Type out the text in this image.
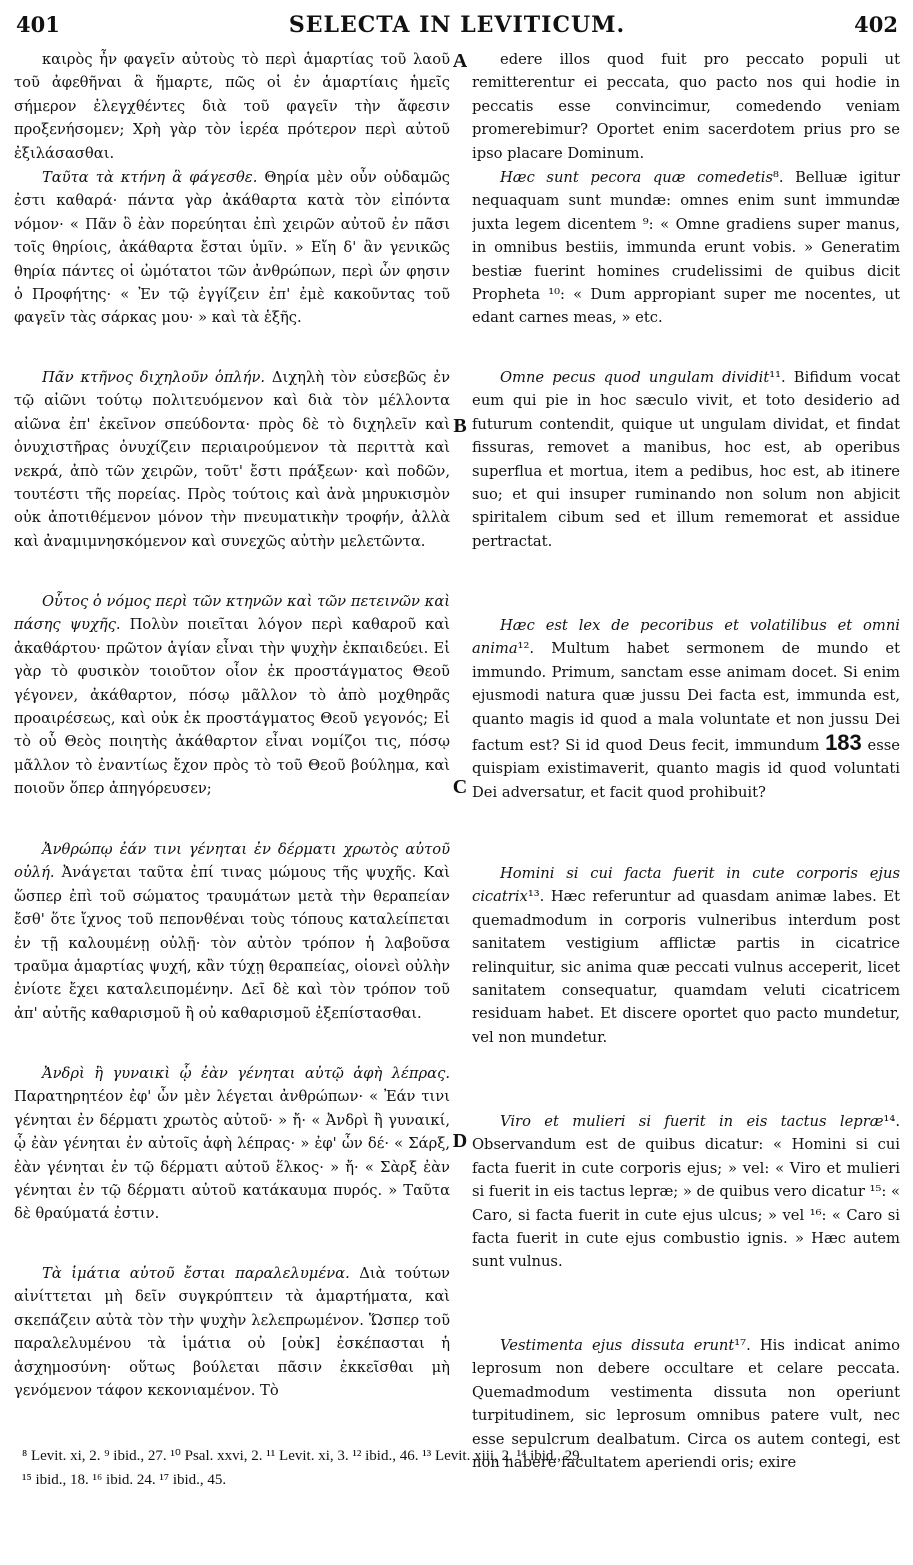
401	SELECTA IN LEVITICUM.	402

καιρὸς ἦν φαγεῖν αὐτοὺς τὸ περὶ ἁμαρτίας τοῦ λαοῦ τοῦ ἀφεθῆναι ἃ ἥμαρτε, πῶς οἱ ἐν ἁμαρτίαις ἡμεῖς σήμερον ἐλεγχθέντες διὰ τοῦ φαγεῖν τὴν ἄφεσιν προξενήσομεν; Χρὴ γὰρ τὸν ἱερέα πρότερον περὶ αὐτοῦ ἐξιλάσασθαι.

Ταῦτα τὰ κτήνη ἃ φάγεσθε. Θηρία μὲν οὖν οὐδαμῶς ἐστι καθαρά· πάντα γὰρ ἀκάθαρτα κατὰ τὸν εἰπόντα νόμον· « Πᾶν ὃ ἐὰν πορεύηται ἐπὶ χειρῶν αὐτοῦ ἐν πᾶσι τοῖς θηρίοις, ἀκάθαρτα ἔσται ὑμῖν. » Εἴη δ' ἂν γενικῶς θηρία πάντες οἱ ὠμότατοι τῶν ἀνθρώπων, περὶ ὧν φησιν ὁ Προφήτης· « Ἐν τῷ ἐγγίζειν ἐπ' ἐμὲ κακοῦντας τοῦ φαγεῖν τὰς σάρκας μου· » καὶ τὰ ἑξῆς.

Πᾶν κτῆνος διχηλοῦν ὁπλήν. Διχηλὴ τὸν εὐσεβῶς ἐν τῷ αἰῶνι τούτῳ πολιτευόμενον καὶ διὰ τὸν μέλλοντα αἰῶνα ἐπ' ἐκεῖνον σπεύδοντα· πρὸς δὲ τὸ διχηλεῖν καὶ ὀνυχιστῆρας ὀνυχίζειν περιαιρούμενον τὰ περιττὰ καὶ νεκρά, ἀπὸ τῶν χειρῶν, τοῦτ' ἔστι πράξεων· καὶ ποδῶν, τουτέστι τῆς πορείας. Πρὸς τούτοις καὶ ἀνὰ μηρυκισμὸν οὐκ ἀποτιθέμενον μόνον τὴν πνευματικὴν τροφήν, ἀλλὰ καὶ ἀναμιμνησκόμενον καὶ συνεχῶς αὐτὴν μελετῶντα.

Οὗτος ὁ νόμος περὶ τῶν κτηνῶν καὶ τῶν πετεινῶν καὶ πάσης ψυχῆς. Πολὺν ποιεῖται λόγον περὶ καθαροῦ καὶ ἀκαθάρτου· πρῶτον ἁγίαν εἶναι τὴν ψυχὴν ἐκπαιδεύει. Εἰ γὰρ τὸ φυσικὸν τοιοῦτον οἷον ἐκ προστάγματος Θεοῦ γέγονεν, ἀκάθαρτον, πόσῳ μᾶλλον τὸ ἀπὸ μοχθηρᾶς προαιρέσεως, καὶ οὐκ ἐκ προστάγματος Θεοῦ γεγονός; Εἰ τὸ οὗ Θεὸς ποιητὴς ἀκάθαρτον εἶναι νομίζοι τις, πόσῳ μᾶλλον τὸ ἐναντίως ἔχον πρὸς τὸ τοῦ Θεοῦ βούλημα, καὶ ποιοῦν ὅπερ ἀπηγόρευσεν;

Ἀνθρώπῳ ἐάν τινι γένηται ἐν δέρματι χρωτὸς αὐτοῦ οὐλή. Ἀνάγεται ταῦτα ἐπί τινας μώμους τῆς ψυχῆς. Καὶ ὥσπερ ἐπὶ τοῦ σώματος τραυμάτων μετὰ τὴν θεραπείαν ἔσθ' ὅτε ἴχνος τοῦ πεπονθέναι τοὺς τόπους καταλείπεται ἐν τῇ καλουμένῃ οὐλῇ· τὸν αὐτὸν τρόπον ἡ λαβοῦσα τραῦμα ἁμαρτίας ψυχή, κἂν τύχῃ θεραπείας, οἱονεὶ οὐλὴν ἐνίοτε ἔχει καταλειπομένην. Δεῖ δὲ καὶ τὸν τρόπον τοῦ ἀπ' αὐτῆς καθαρισμοῦ ἢ οὐ καθαρισμοῦ ἐξεπίστασθαι.

Ἀνδρὶ ἢ γυναικὶ ᾧ ἐὰν γένηται αὐτῷ ἁφὴ λέπρας. Παρατηρητέον ἐφ' ὧν μὲν λέγεται ἀνθρώπων· « Ἐάν τινι γένηται ἐν δέρματι χρωτὸς αὐτοῦ· » ἤ· « Ἀνδρὶ ἢ γυναικί, ᾧ ἐὰν γένηται ἐν αὐτοῖς ἁφὴ λέπρας· » ἐφ' ὧν δέ· « Σάρξ, ἐὰν γένηται ἐν τῷ δέρματι αὐτοῦ ἕλκος· » ἤ· « Σὰρξ ἐὰν γένηται ἐν τῷ δέρματι αὐτοῦ κατάκαυμα πυρός. » Ταῦτα δὲ θραύματά ἐστιν.

Τὰ ἱμάτια αὐτοῦ ἔσται παραλελυμένα. Διὰ τούτων αἰνίττεται μὴ δεῖν συγκρύπτειν τὰ ἁμαρτήματα, καὶ σκεπάζειν αὐτὰ τὸν τὴν ψυχὴν λελεπρωμένον. Ὥσπερ τοῦ παραλελυμένου τὰ ἱμάτια οὐ [οὐκ] ἐσκέπασται ἡ ἀσχημοσύνη· οὕτως βούλεται πᾶσιν ἐκκεῖσθαι μὴ γενόμενον τάφον κεκονιαμένον. Τὸ

A
B
C
D

edere illos quod fuit pro peccato populi ut remitterentur ei peccata, quo pacto nos qui hodie in peccatis esse convincimur, comedendo veniam promerebimur? Oportet enim sacerdotem prius pro se ipso placare Dominum.

Hæc sunt pecora quæ comedetis⁸. Belluæ igitur nequaquam sunt mundæ: omnes enim sunt immundæ juxta legem dicentem ⁹: « Omne gradiens super manus, in omnibus bestiis, immunda erunt vobis. » Generatim bestiæ fuerint homines crudelissimi de quibus dicit Propheta ¹⁰: « Dum appropiant super me nocentes, ut edant carnes meas, » etc.

Omne pecus quod ungulam dividit¹¹. Bifidum vocat eum qui pie in hoc sæculo vivit, et toto desiderio ad futurum contendit, quique ut ungulam dividat, et findat fissuras, removet a manibus, hoc est, ab operibus superflua et mortua, item a pedibus, hoc est, ab itinere suo; et qui insuper ruminando non solum non abjicit spiritalem cibum sed et illum rememorat et assidue pertractat.

Hæc est lex de pecoribus et volatilibus et omni anima¹². Multum habet sermonem de mundo et immundo. Primum, sanctam esse animam docet. Si enim ejusmodi natura quæ jussu Dei facta est, immunda est, quanto magis id quod a mala voluntate et non jussu Dei factum est? Si id quod Deus fecit, immundum 183 esse quispiam existimaverit, quanto magis id quod voluntati Dei adversatur, et facit quod prohibuit?

Homini si cui facta fuerit in cute corporis ejus cicatrix¹³. Hæc referuntur ad quasdam animæ labes. Et quemadmodum in corporis vulneribus interdum post sanitatem vestigium afflictæ partis in cicatrice relinquitur, sic anima quæ peccati vulnus acceperit, licet sanitatem consequatur, quamdam veluti cicatricem residuam habet. Et discere oportet quo pacto mundetur, vel non mundetur.

Viro et mulieri si fuerit in eis tactus lepræ¹⁴. Observandum est de quibus dicatur: « Homini si cui facta fuerit in cute corporis ejus; » vel: « Viro et mulieri si fuerit in eis tactus lepræ; » de quibus vero dicatur ¹⁵: « Caro, si facta fuerit in cute ejus ulcus; » vel ¹⁶: « Caro si facta fuerit in cute ejus combustio ignis. » Hæc autem sunt vulnus.

Vestimenta ejus dissuta erunt¹⁷. His indicat animo leprosum non debere occultare et celare peccata. Quemadmodum vestimenta dissuta non operiunt turpitudinem, sic leprosum omnibus patere vult, nec esse sepulcrum dealbatum. Circa os autem contegi, est non habere facultatem aperiendi oris; exire

⁸ Levit. xi, 2. ⁹ ibid., 27. ¹⁰ Psal. xxvi, 2. ¹¹ Levit. xi, 3. ¹² ibid., 46. ¹³ Levit. xiii, 2. ¹⁴ ibid., 29.
¹⁵ ibid., 18. ¹⁶ ibid. 24. ¹⁷ ibid., 45.
